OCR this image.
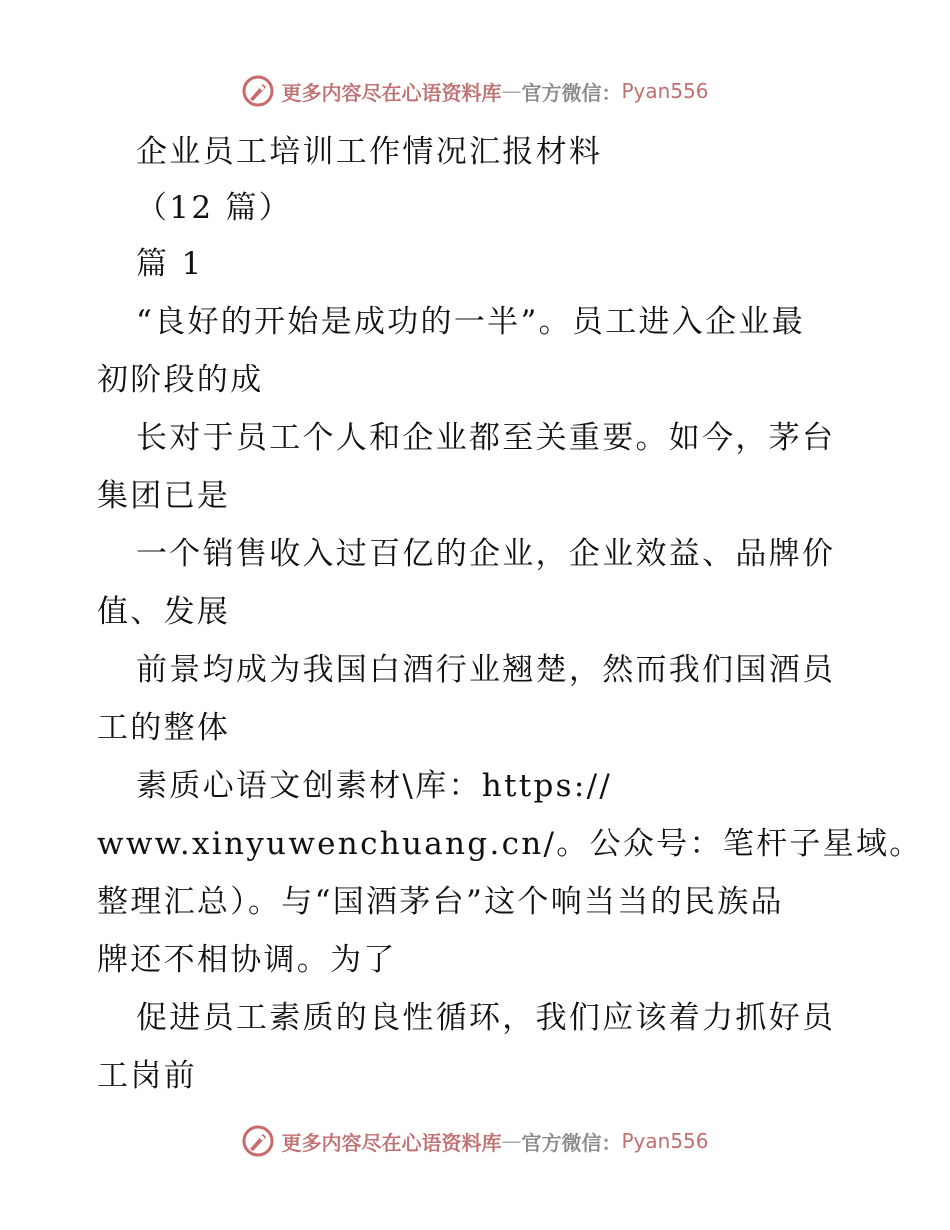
更多内容尽在心语资料库 — 官方微信： Pyan556
企业员工培训工作情况汇报材料
（12 篇）
篇 1
“良好的开始是成功的一半”。员工进入企业最
初阶段的成
长对于员工个人和企业都至关重要。如今，茅台
集团已是
一个销售收入过百亿的企业，企业效益、品牌价
值、发展
前景均成为我国白酒行业翘楚，然而我们国酒员
工的整体
素质心语文创素材\库：https://
www.xinyuwenchuang.cn/。公众号：笔杆子星域。
整理汇总）。与“国酒茅台”这个响当当的民族品
牌还不相协调。为了
促进员工素质的良性循环，我们应该着力抓好员
工岗前
更多内容尽在心语资料库 — 官方微信： Pyan556
